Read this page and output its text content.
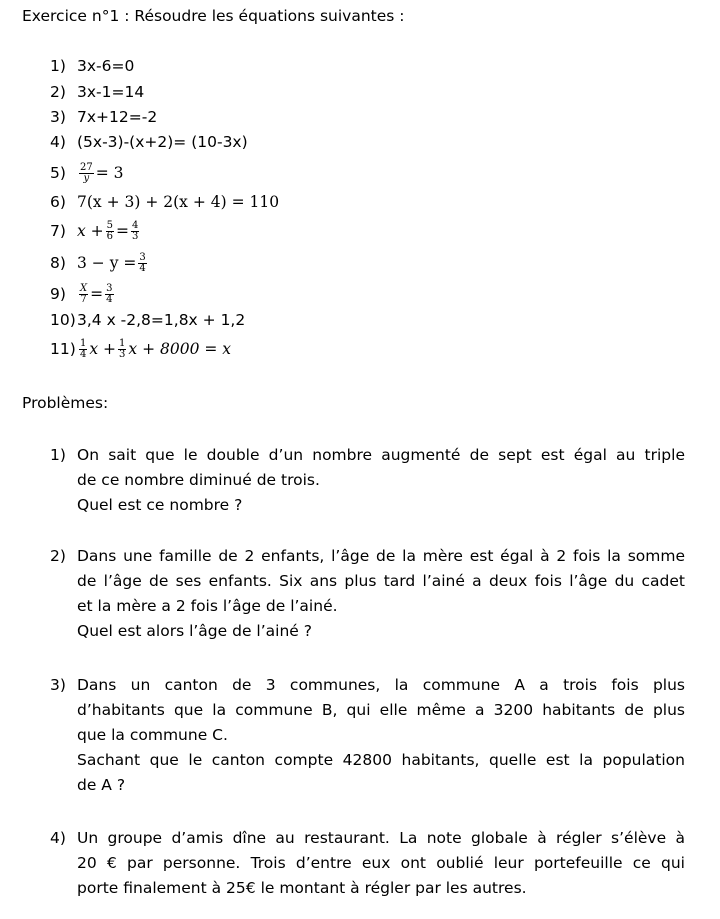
Exercice n°1 : Résoudre les équations suivantes :
1) 3x-6=0
2) 3x-1=14
3) 7x+12=-2
4) (5x-3)-(x+2)= (10-3x)
5)	$\frac{27}{y} = 3$
6) 7(x + 3) + 2(x + 4) = 110
7) $x + \frac{5}{6} = \frac{4}{3}$
8) $3 - y = \frac{3}{4}$
9)	$\frac{X}{7} = \frac{3}{4}$
10)3,4 x -2,8=1,8x + 1,2
$11) \frac{1}{4}$ $x + \frac{1}{3}$ x + 8000 = x
Problèmes:
1) On sait que le double d’un nombre augmenté de sept est égal au triple
de ce nombre diminué de trois.
Quel est ce nombre ?
2) Dans une famille de 2 enfants, l’âge de la mère est égal à 2 fois la somme
de l’âge de ses enfants. Six ans plus tard l’ainé a deux fois l’âge du cadet
et la mère a 2 fois l’âge de l’ainé.
Quel est alors l’âge de l’ainé ?
3) Dans un canton de 3 communes, la commune A a trois fois plus
d’habitants que la commune B, qui elle même a 3200 habitants de plus
que la commune C.
Sachant que le canton compte 42800 habitants, quelle est la population
de A ?
4) Un groupe d’amis dîne au restaurant. La note globale à régler s’élève à
20 € par personne. Trois d’entre eux ont oublié leur portefeuille ce qui
porte finalement à 25€ le montant à régler par les autres.
